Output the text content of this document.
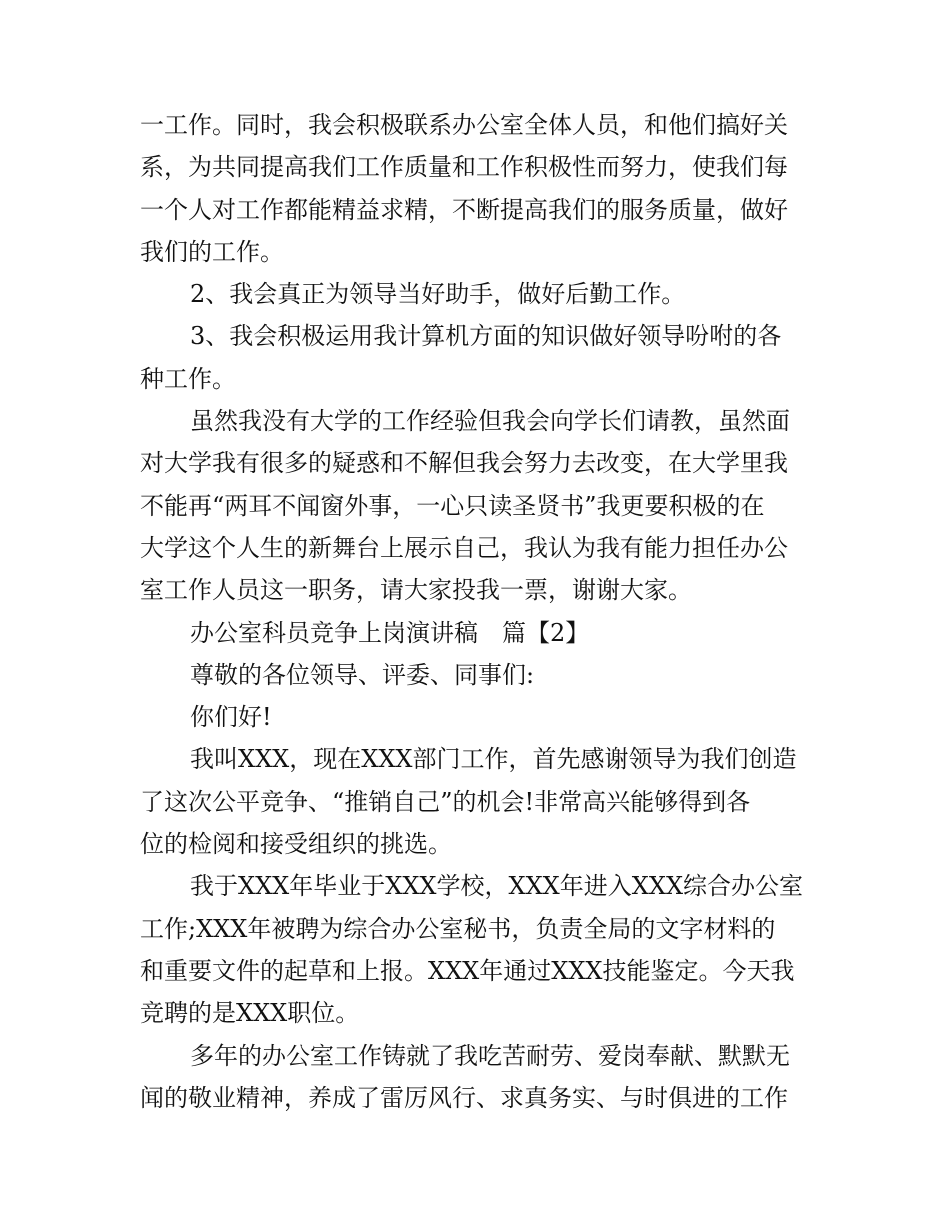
一工作。同时，我会积极联系办公室全体人员，和他们搞好关
系，为共同提高我们工作质量和工作积极性而努力，使我们每
一个人对工作都能精益求精，不断提高我们的服务质量，做好
我们的工作。
2、我会真正为领导当好助手，做好后勤工作。
3、我会积极运用我计算机方面的知识做好领导吩咐的各
种工作。
虽然我没有大学的工作经验但我会向学长们请教，虽然面
对大学我有很多的疑惑和不解但我会努力去改变，在大学里我
不能再“两耳不闻窗外事，一心只读圣贤书”我更要积极的在
大学这个人生的新舞台上展示自己，我认为我有能力担任办公
室工作人员这一职务，请大家投我一票，谢谢大家。
办公室科员竞争上岗演讲稿　篇【2】
尊敬的各位领导、评委、同事们:
你们好!
我叫XXX，现在XXX部门工作，首先感谢领导为我们创造
了这次公平竞争、“推销自己”的机会!非常高兴能够得到各
位的检阅和接受组织的挑选。
我于XXX年毕业于XXX学校，XXX年进入XXX综合办公室
工作;XXX年被聘为综合办公室秘书，负责全局的文字材料的
和重要文件的起草和上报。XXX年通过XXX技能鉴定。今天我
竞聘的是XXX职位。
多年的办公室工作铸就了我吃苦耐劳、爱岗奉献、默默无
闻的敬业精神，养成了雷厉风行、求真务实、与时俱进的工作
